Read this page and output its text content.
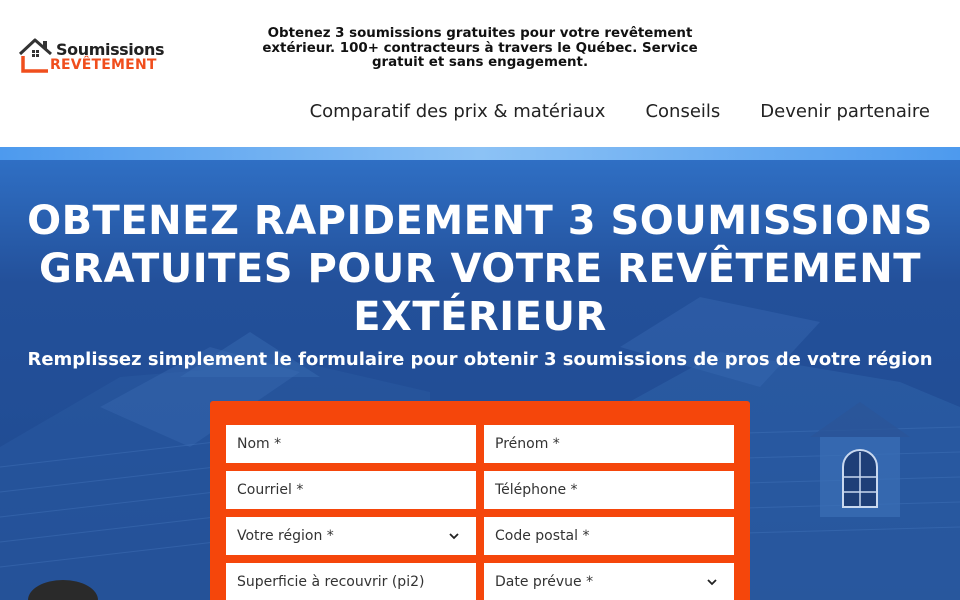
Soumissions
REVÊTEMENT
Obtenez 3 soumissions gratuites pour votre revêtement extérieur. 100+ contracteurs à travers le Québec. Service gratuit et sans engagement.
Comparatif des prix & matériaux Conseils Devenir partenaire
OBTENEZ RAPIDEMENT 3 SOUMISSIONS GRATUITES POUR VOTRE REVÊTEMENT EXTÉRIEUR

Remplissez simplement le formulaire pour obtenir 3 soumissions de pros de votre région

Nom *	Prénom *
Courriel *	Téléphone *
Votre région *	Code postal *
Superficie à recouvrir (pi2)	Date prévue *
